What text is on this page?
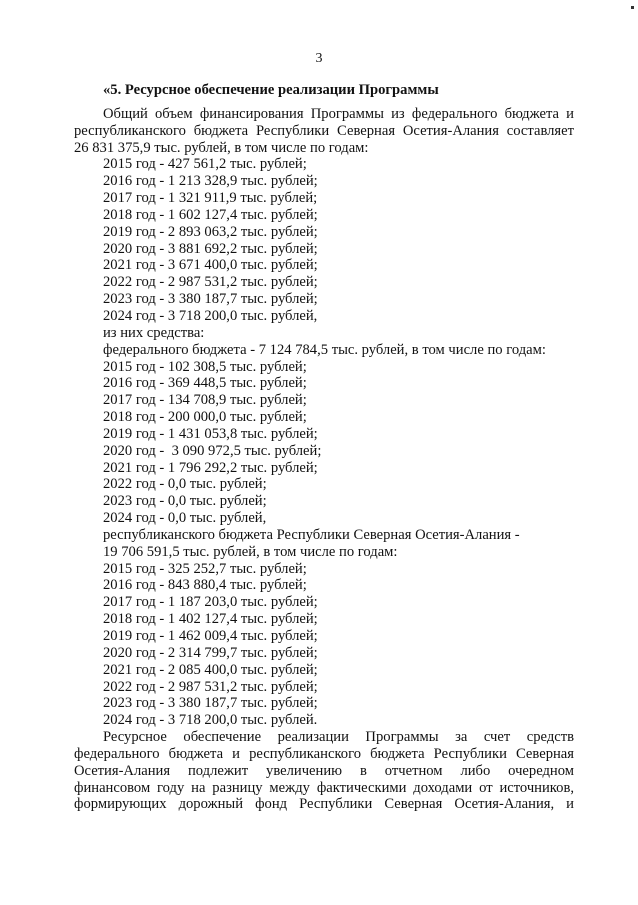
3
«5. Ресурсное обеспечение реализации Программы
Общий объем финансирования Программы из федерального бюджета и
республиканского бюджета Республики Северная Осетия-Алания составляет
26 831 375,9 тыс. рублей, в том числе по годам:
2015 год - 427 561,2 тыс. рублей;
2016 год - 1 213 328,9 тыс. рублей;
2017 год - 1 321 911,9 тыс. рублей;
2018 год - 1 602 127,4 тыс. рублей;
2019 год - 2 893 063,2 тыс. рублей;
2020 год - 3 881 692,2 тыс. рублей;
2021 год - 3 671 400,0 тыс. рублей;
2022 год - 2 987 531,2 тыс. рублей;
2023 год - 3 380 187,7 тыс. рублей;
2024 год - 3 718 200,0 тыс. рублей,
из них средства:
федерального бюджета - 7 124 784,5 тыс. рублей, в том числе по годам:
2015 год - 102 308,5 тыс. рублей;
2016 год - 369 448,5 тыс. рублей;
2017 год - 134 708,9 тыс. рублей;
2018 год - 200 000,0 тыс. рублей;
2019 год - 1 431 053,8 тыс. рублей;
2020 год -  3 090 972,5 тыс. рублей;
2021 год - 1 796 292,2 тыс. рублей;
2022 год - 0,0 тыс. рублей;
2023 год - 0,0 тыс. рублей;
2024 год - 0,0 тыс. рублей,
республиканского бюджета Республики Северная Осетия-Алания -
19 706 591,5 тыс. рублей, в том числе по годам:
2015 год - 325 252,7 тыс. рублей;
2016 год - 843 880,4 тыс. рублей;
2017 год - 1 187 203,0 тыс. рублей;
2018 год - 1 402 127,4 тыс. рублей;
2019 год - 1 462 009,4 тыс. рублей;
2020 год - 2 314 799,7 тыс. рублей;
2021 год - 2 085 400,0 тыс. рублей;
2022 год - 2 987 531,2 тыс. рублей;
2023 год - 3 380 187,7 тыс. рублей;
2024 год - 3 718 200,0 тыс. рублей.
Ресурсное обеспечение реализации Программы за счет средств
федерального бюджета и республиканского бюджета Республики Северная
Осетия-Алания подлежит увеличению в отчетном либо очередном
финансовом году на разницу между фактическими доходами от источников,
формирующих дорожный фонд Республики Северная Осетия-Алания, и
